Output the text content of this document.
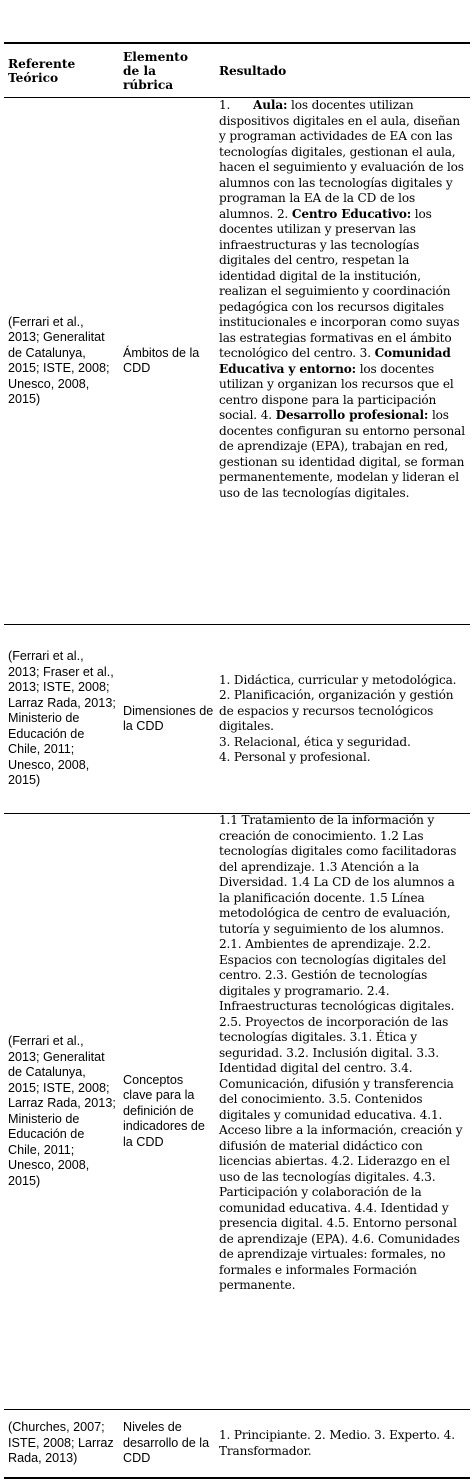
Referente Teórico
Elemento de la rúbrica
Resultado
(Ferrari et al., 2013; Generalitat de Catalunya, 2015; ISTE, 2008; Unesco, 2008, 2015)
Ámbitos de la CDD
1. Aula: los docentes utilizan dispositivos digitales en el aula, diseñan y programan actividades de EA con las tecnologías digitales, gestionan el aula, hacen el seguimiento y evaluación de los alumnos con las tecnologías digitales y programan la EA de la CD de los alumnos. 2. Centro Educativo: los docentes utilizan y preservan las infraestructuras y las tecnologías digitales del centro, respetan la identidad digital de la institución, realizan el seguimiento y coordinación pedagógica con los recursos digitales institucionales e incorporan como suyas las estrategias formativas en el ámbito tecnológico del centro. 3. Comunidad Educativa y entorno: los docentes utilizan y organizan los recursos que el centro dispone para la participación social. 4. Desarrollo profesional: los docentes configuran su entorno personal de aprendizaje (EPA), trabajan en red, gestionan su identidad digital, se forman permanentemente, modelan y lideran el uso de las tecnologías digitales.
(Ferrari et al., 2013; Fraser et al., 2013; ISTE, 2008; Larraz Rada, 2013; Ministerio de Educación de Chile, 2011; Unesco, 2008, 2015)
Dimensiones de la CDD
1. Didáctica, curricular y metodológica. 2. Planificación, organización y gestión de espacios y recursos tecnológicos digitales.
3. Relacional, ética y seguridad.
4. Personal y profesional.
(Ferrari et al., 2013; Generalitat de Catalunya, 2015; ISTE, 2008; Larraz Rada, 2013; Ministerio de Educación de Chile, 2011; Unesco, 2008, 2015)
Conceptos clave para la definición de indicadores de la CDD
1.1 Tratamiento de la información y creación de conocimiento. 1.2 Las tecnologías digitales como facilitadoras del aprendizaje. 1.3 Atención a la Diversidad. 1.4 La CD de los alumnos a la planificación docente. 1.5 Línea metodológica de centro de evaluación, tutoría y seguimiento de los alumnos. 2.1. Ambientes de aprendizaje. 2.2. Espacios con tecnologías digitales del centro. 2.3. Gestión de tecnologías digitales y programario. 2.4. Infraestructuras tecnológicas digitales. 2.5. Proyectos de incorporación de las tecnologías digitales. 3.1. Ética y seguridad. 3.2. Inclusión digital. 3.3. Identidad digital del centro. 3.4. Comunicación, difusión y transferencia del conocimiento. 3.5. Contenidos digitales y comunidad educativa. 4.1. Acceso libre a la información, creación y difusión de material didáctico con licencias abiertas. 4.2. Liderazgo en el uso de las tecnologías digitales. 4.3. Participación y colaboración de la comunidad educativa. 4.4. Identidad y presencia digital. 4.5. Entorno personal de aprendizaje (EPA). 4.6. Comunidades de aprendizaje virtuales: formales, no formales e informales Formación permanente.
(Churches, 2007; ISTE, 2008; Larraz Rada, 2013)
Niveles de desarrollo de la CDD
1. Principiante. 2. Medio. 3. Experto. 4. Transformador.
